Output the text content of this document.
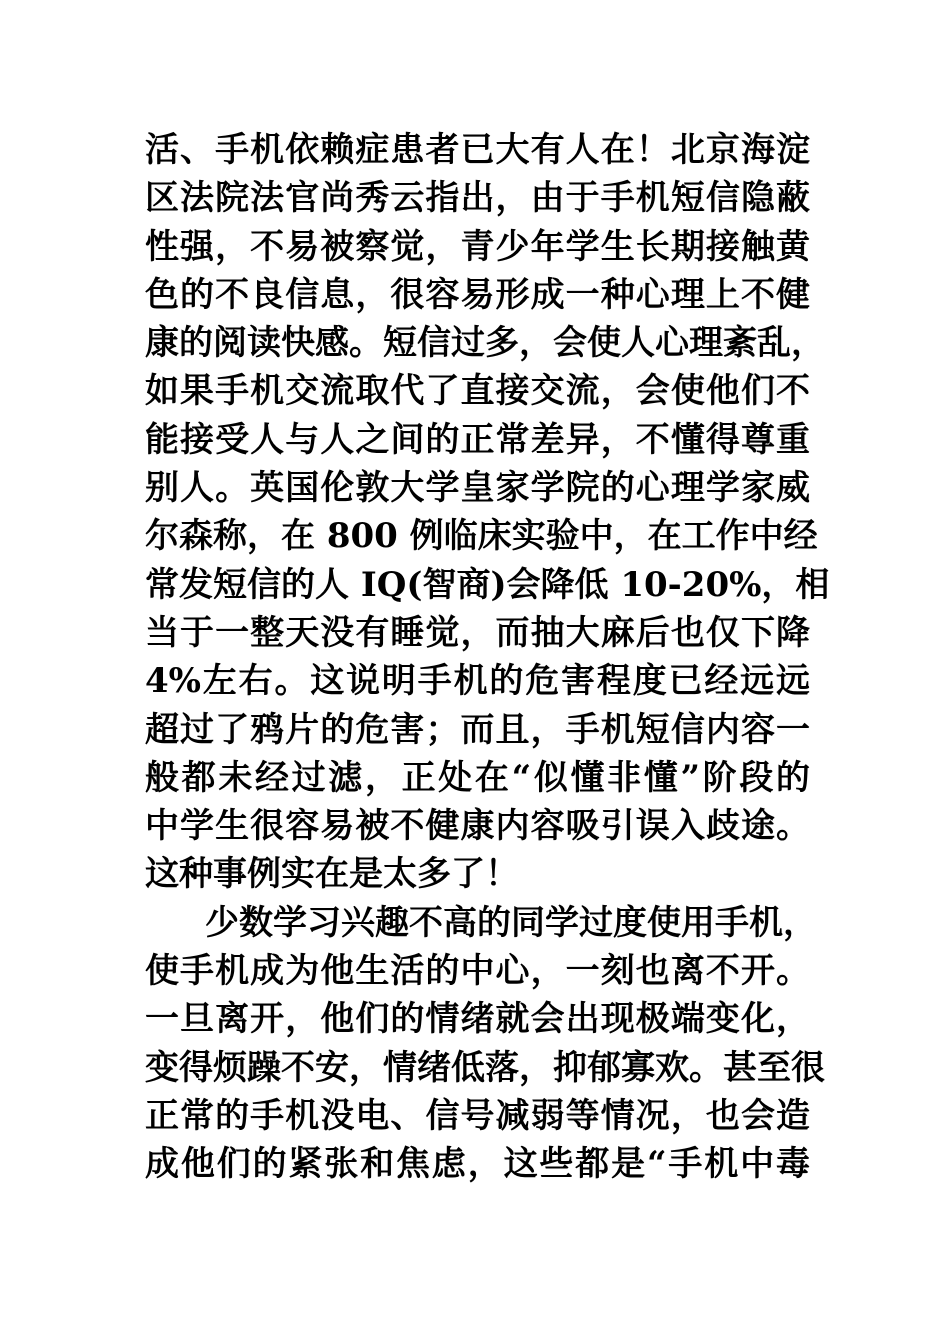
活、手机依赖症患者已大有人在！北京海淀
区法院法官尚秀云指出，由于手机短信隐蔽
性强，不易被察觉，青少年学生长期接触黄
色的不良信息，很容易形成一种心理上不健
康的阅读快感。短信过多，会使人心理紊乱，
如果手机交流取代了直接交流，会使他们不
能接受人与人之间的正常差异，不懂得尊重
别人。英国伦敦大学皇家学院的心理学家威
尔森称，在 800 例临床实验中，在工作中经
常发短信的人 IQ(智商)会降低 10-20%，相
当于一整天没有睡觉，而抽大麻后也仅下降
4%左右。这说明手机的危害程度已经远远
超过了鸦片的危害；而且，手机短信内容一
般都未经过滤，正处在“似懂非懂”阶段的
中学生很容易被不健康内容吸引误入歧途。
这种事例实在是太多了！
少数学习兴趣不高的同学过度使用手机，
使手机成为他生活的中心，一刻也离不开。
一旦离开，他们的情绪就会出现极端变化，
变得烦躁不安，情绪低落，抑郁寡欢。甚至很
正常的手机没电、信号减弱等情况，也会造
成他们的紧张和焦虑，这些都是“手机中毒
